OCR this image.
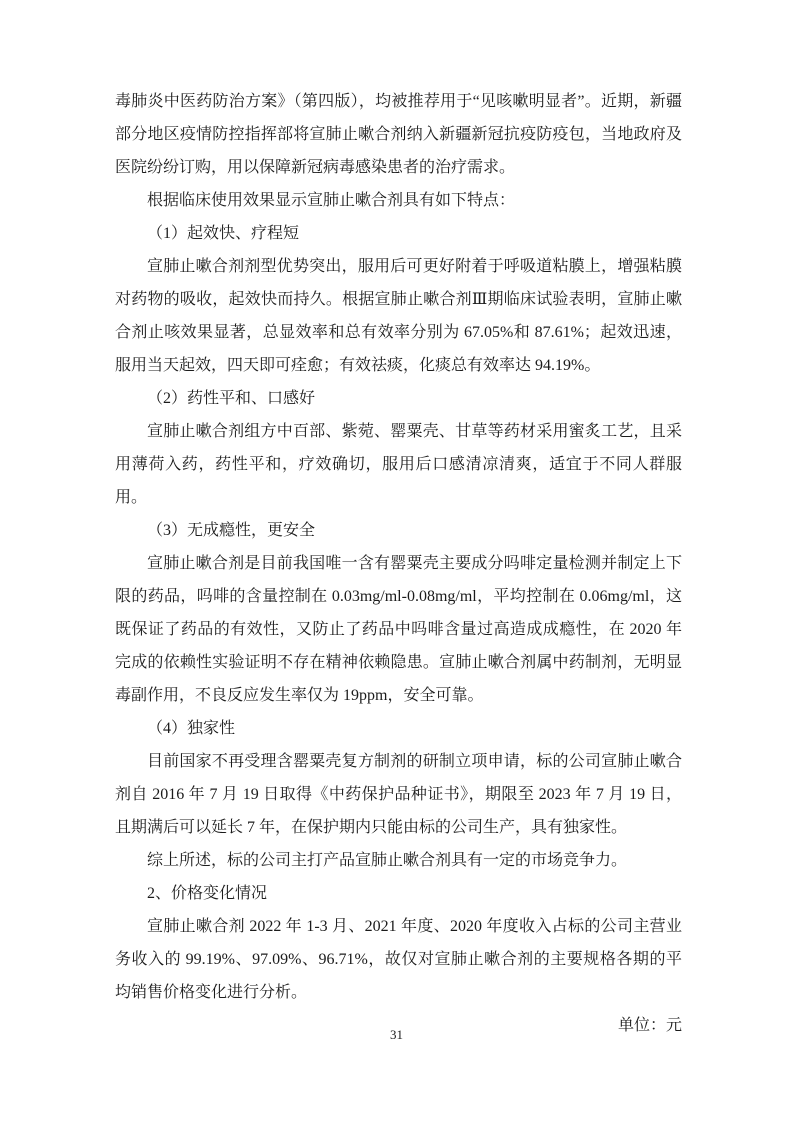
毒肺炎中医药防治方案》（第四版），均被推荐用于“见咳嗽明显者”。近期，新疆部分地区疫情防控指挥部将宣肺止嗽合剂纳入新疆新冠抗疫防疫包，当地政府及医院纷纷订购，用以保障新冠病毒感染患者的治疗需求。

根据临床使用效果显示宣肺止嗽合剂具有如下特点：

（1）起效快、疗程短

宣肺止嗽合剂剂型优势突出，服用后可更好附着于呼吸道粘膜上，增强粘膜对药物的吸收，起效快而持久。根据宣肺止嗽合剂Ⅲ期临床试验表明，宣肺止嗽合剂止咳效果显著，总显效率和总有效率分别为 67.05%和 87.61%；起效迅速，服用当天起效，四天即可痊愈；有效祛痰，化痰总有效率达 94.19%。

（2）药性平和、口感好

宣肺止嗽合剂组方中百部、紫菀、罂粟壳、甘草等药材采用蜜炙工艺，且采用薄荷入药，药性平和，疗效确切，服用后口感清凉清爽，适宜于不同人群服用。

（3）无成瘾性，更安全

宣肺止嗽合剂是目前我国唯一含有罂粟壳主要成分吗啡定量检测并制定上下限的药品，吗啡的含量控制在 0.03mg/ml-0.08mg/ml，平均控制在 0.06mg/ml，这既保证了药品的有效性，又防止了药品中吗啡含量过高造成成瘾性，在 2020 年完成的依赖性实验证明不存在精神依赖隐患。宣肺止嗽合剂属中药制剂，无明显毒副作用，不良反应发生率仅为 19ppm，安全可靠。

（4）独家性

目前国家不再受理含罂粟壳复方制剂的研制立项申请，标的公司宣肺止嗽合剂自 2016 年 7 月 19 日取得《中药保护品种证书》，期限至 2023 年 7 月 19 日，且期满后可以延长 7 年，在保护期内只能由标的公司生产，具有独家性。

综上所述，标的公司主打产品宣肺止嗽合剂具有一定的市场竞争力。

2、价格变化情况

宣肺止嗽合剂 2022 年 1-3 月、2021 年度、2020 年度收入占标的公司主营业务收入的 99.19%、97.09%、96.71%，故仅对宣肺止嗽合剂的主要规格各期的平均销售价格变化进行分析。

单位：元

31
